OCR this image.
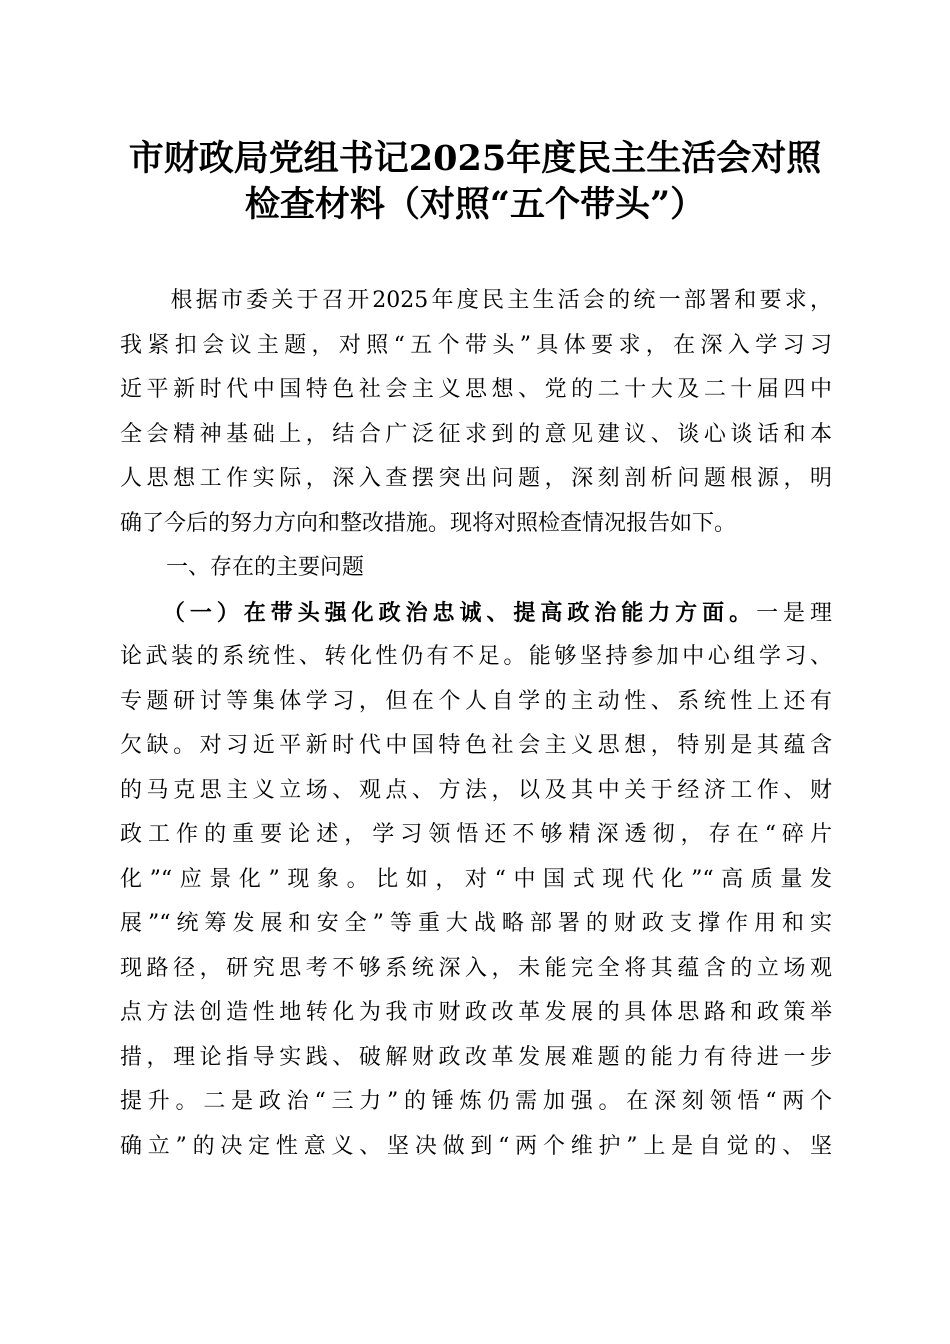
市财政局党组书记2025年度民主生活会对照
检查材料（对照“五个带头”）
　　根据市委关于召开2025年度民主生活会的统一部署和要求，
我紧扣会议主题，对照“五个带头”具体要求，在深入学习习
近平新时代中国特色社会主义思想、党的二十大及二十届四中
全会精神基础上，结合广泛征求到的意见建议、谈心谈话和本
人思想工作实际，深入查摆突出问题，深刻剖析问题根源，明
确了今后的努力方向和整改措施。现将对照检查情况报告如下。
一、存在的主要问题
　　（一）在带头强化政治忠诚、提高政治能力方面。一是理
论武装的系统性、转化性仍有不足。能够坚持参加中心组学习、
专题研讨等集体学习，但在个人自学的主动性、系统性上还有
欠缺。对习近平新时代中国特色社会主义思想，特别是其蕴含
的马克思主义立场、观点、方法，以及其中关于经济工作、财
政工作的重要论述，学习领悟还不够精深透彻，存在“碎片
化”“应景化”现象。比如，对“中国式现代化”“高质量发
展”“统筹发展和安全”等重大战略部署的财政支撑作用和实
现路径，研究思考不够系统深入，未能完全将其蕴含的立场观
点方法创造性地转化为我市财政改革发展的具体思路和政策举
措，理论指导实践、破解财政改革发展难题的能力有待进一步
提升。二是政治“三力”的锤炼仍需加强。在深刻领悟“两个
确立”的决定性意义、坚决做到“两个维护”上是自觉的、坚
